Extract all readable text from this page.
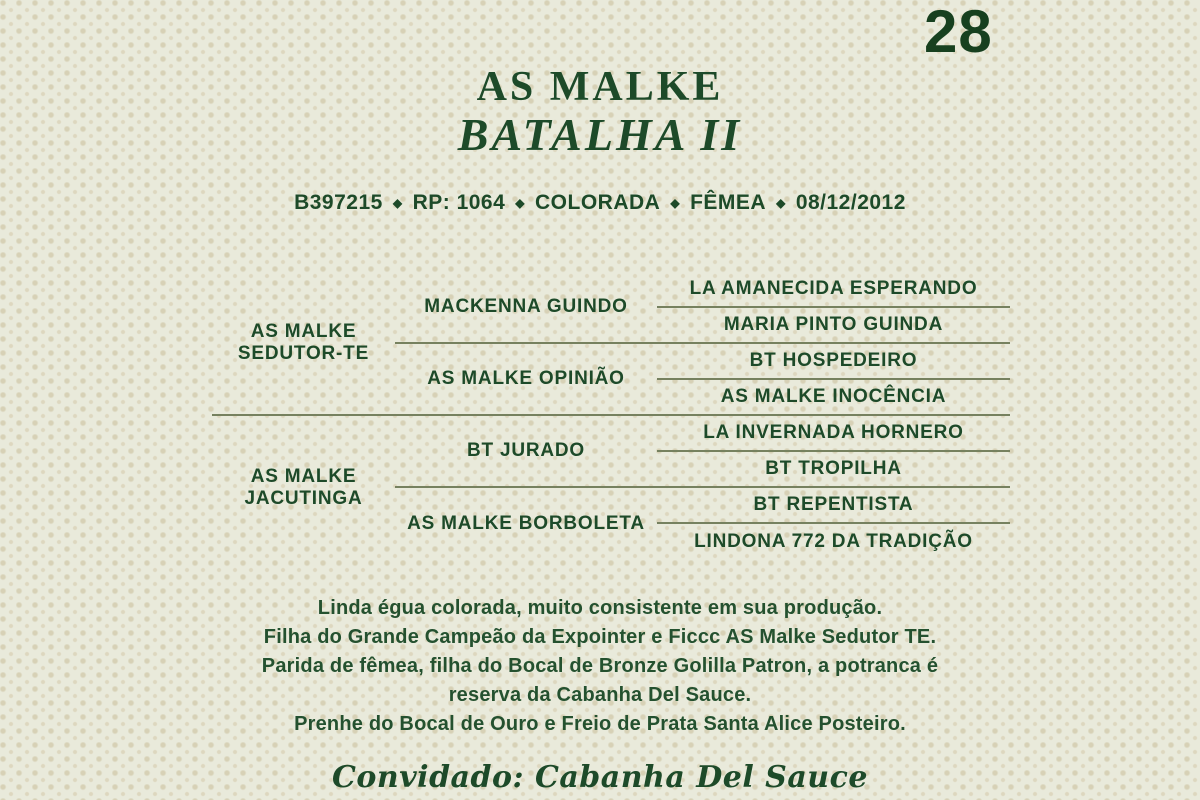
28
AS MALKE
BATALHA II
B397215 ◆ RP: 1064 ◆ COLORADA ◆ FÊMEA ◆ 08/12/2012
AS MALKE
SEDUTOR-TE
AS MALKE
JACUTINGA
MACKENNA GUINDO
AS MALKE OPINIÃO
BT JURADO
AS MALKE BORBOLETA
LA AMANECIDA ESPERANDO
MARIA PINTO GUINDA
BT HOSPEDEIRO
AS MALKE INOCÊNCIA
LA INVERNADA HORNERO
BT TROPILHA
BT REPENTISTA
LINDONA 772 DA TRADIÇÃO
Linda égua colorada, muito consistente em sua produção.
Filha do Grande Campeão da Expointer e Ficcc AS Malke Sedutor TE.
Parida de fêmea, filha do Bocal de Bronze Golilla Patron, a potranca é
reserva da Cabanha Del Sauce.
Prenhe do Bocal de Ouro e Freio de Prata Santa Alice Posteiro.
Convidado: Cabanha Del Sauce
